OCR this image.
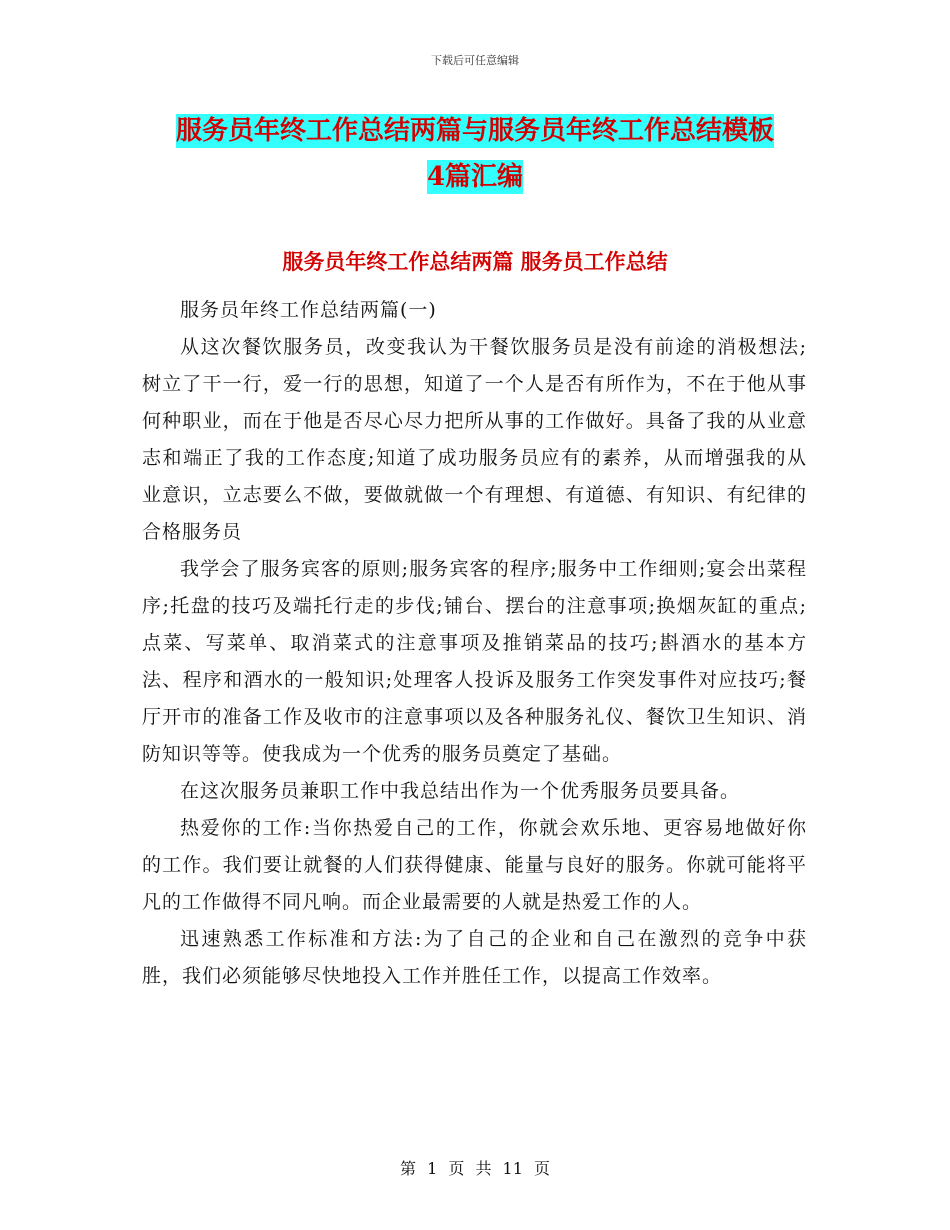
下载后可任意编辑
服务员年终工作总结两篇与服务员年终工作总结模板
4篇汇编
服务员年终工作总结两篇 服务员工作总结

服务员年终工作总结两篇(一)

从这次餐饮服务员，改变我认为干餐饮服务员是没有前途的消极想法;树立了干一行，爱一行的思想，知道了一个人是否有所作为，不在于他从事何种职业，而在于他是否尽心尽力把所从事的工作做好。具备了我的从业意志和端正了我的工作态度;知道了成功服务员应有的素养，从而增强我的从业意识，立志要么不做，要做就做一个有理想、有道德、有知识、有纪律的合格服务员

我学会了服务宾客的原则;服务宾客的程序;服务中工作细则;宴会出菜程序;托盘的技巧及端托行走的步伐;铺台、摆台的注意事项;换烟灰缸的重点;点菜、写菜单、取消菜式的注意事项及推销菜品的技巧;斟酒水的基本方法、程序和酒水的一般知识;处理客人投诉及服务工作突发事件对应技巧;餐厅开市的准备工作及收市的注意事项以及各种服务礼仪、餐饮卫生知识、消防知识等等。使我成为一个优秀的服务员奠定了基础。

在这次服务员兼职工作中我总结出作为一个优秀服务员要具备。

热爱你的工作:当你热爱自己的工作，你就会欢乐地、更容易地做好你的工作。我们要让就餐的人们获得健康、能量与良好的服务。你就可能将平凡的工作做得不同凡响。而企业最需要的人就是热爱工作的人。

迅速熟悉工作标准和方法:为了自己的企业和自己在激烈的竞争中获胜，我们必须能够尽快地投入工作并胜任工作，以提高工作效率。

第 1 页 共 11 页
